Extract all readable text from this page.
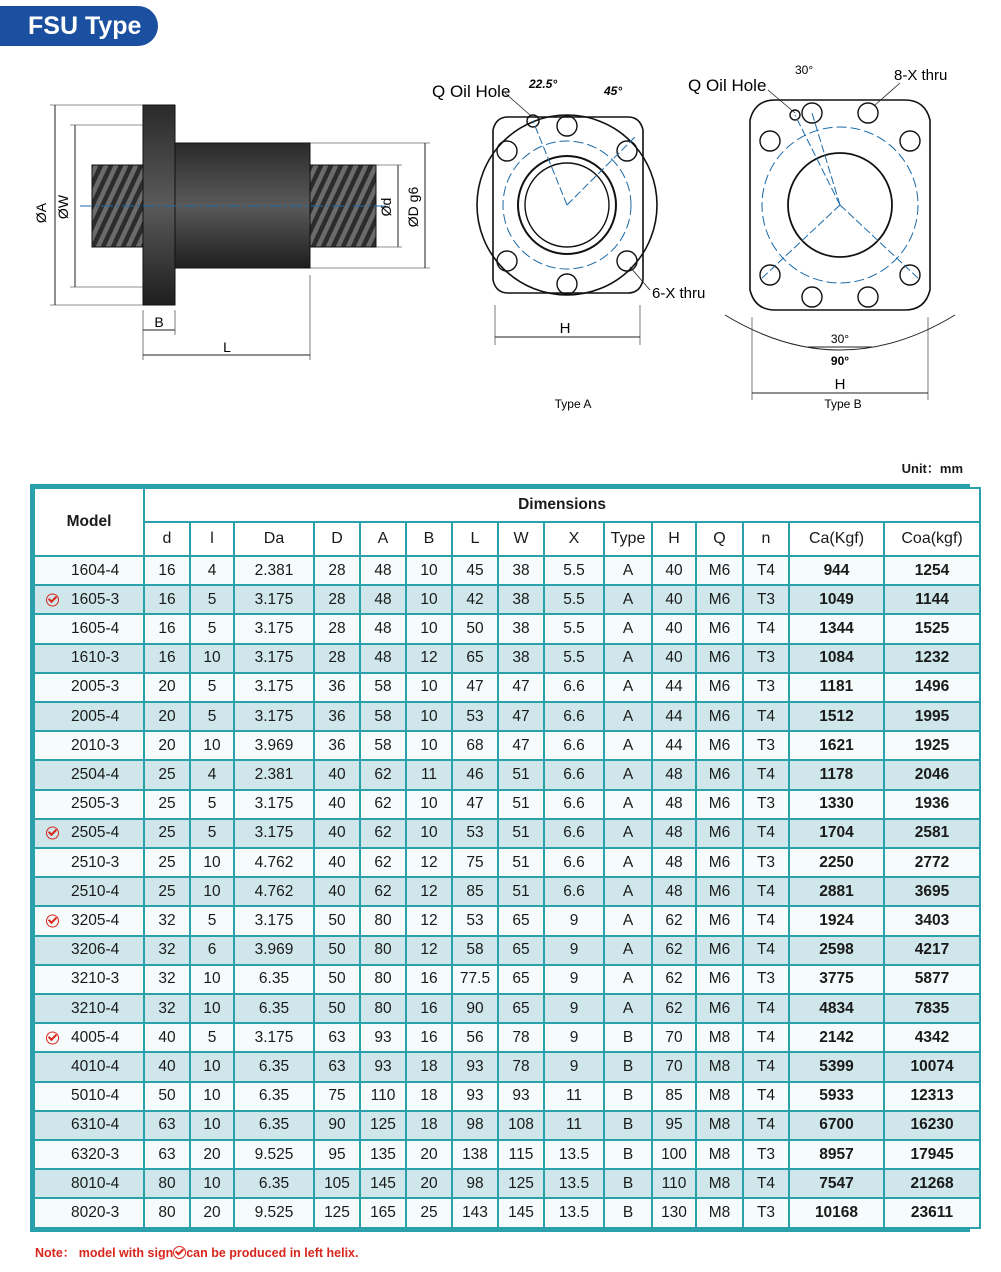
FSU Type
ØA ØW	Ød ØD g6
B
L
Q Oil Hole 22.5°	45°
6-X thru
H
Type A
Q Oil Hole
30°	8-X thru
30°
90°
H
Type B
Unit：mm
Model	Dimensions														
	d	l	Da	D	A	B	L	W	X	Type	H	Q	n	Ca(Kgf)	Coa(kgf)
1604-4	16	4	2.381	28	48	10	45	38	5.5	A	40	M6	T4	944	1254

1605-3	16	5	3.175	28	48	10	42	38	5.5	A	40	M6	T3	1049	1144
1605-4	16	5	3.175	28	48	10	50	38	5.5	A	40	M6	T4	1344	1525
1610-3	16	10	3.175	28	48	12	65	38	5.5	A	40	M6	T3	1084	1232
2005-3	20	5	3.175	36	58	10	47	47	6.6	A	44	M6	T3	1181	1496
2005-4	20	5	3.175	36	58	10	53	47	6.6	A	44	M6	T4	1512	1995
2010-3	20	10	3.969	36	58	10	68	47	6.6	A	44	M6	T3	1621	1925
2504-4	25	4	2.381	40	62	11	46	51	6.6	A	48	M6	T4	1178	2046
2505-3	25	5	3.175	40	62	10	47	51	6.6	A	48	M6	T3	1330	1936

2505-4	25	5	3.175	40	62	10	53	51	6.6	A	48	M6	T4	1704	2581
2510-3	25	10	4.762	40	62	12	75	51	6.6	A	48	M6	T3	2250	2772
2510-4	25	10	4.762	40	62	12	85	51	6.6	A	48	M6	T4	2881	3695

3205-4	32	5	3.175	50	80	12	53	65	9	A	62	M6	T4	1924	3403
3206-4	32	6	3.969	50	80	12	58	65	9	A	62	M6	T4	2598	4217
3210-3	32	10	6.35	50	80	16	77.5	65	9	A	62	M6	T3	3775	5877
3210-4	32	10	6.35	50	80	16	90	65	9	A	62	M6	T4	4834	7835

4005-4	40	5	3.175	63	93	16	56	78	9	B	70	M8	T4	2142	4342
4010-4	40	10	6.35	63	93	18	93	78	9	B	70	M8	T4	5399	10074
5010-4	50	10	6.35	75	110	18	93	93	11	B	85	M8	T4	5933	12313
6310-4	63	10	6.35	90	125	18	98	108	11	B	95	M8	T4	6700	16230
6320-3	63	20	9.525	95	135	20	138	115	13.5	B	100	M8	T3	8957	17945
8010-4	80	10	6.35	105	145	20	98	125	13.5	B	110	M8	T4	7547	21268
8020-3	80	20	9.525	125	165	25	143	145	13.5	B	130	M8	T3	10168	23611
Note： model with sign can be produced in left helix.
